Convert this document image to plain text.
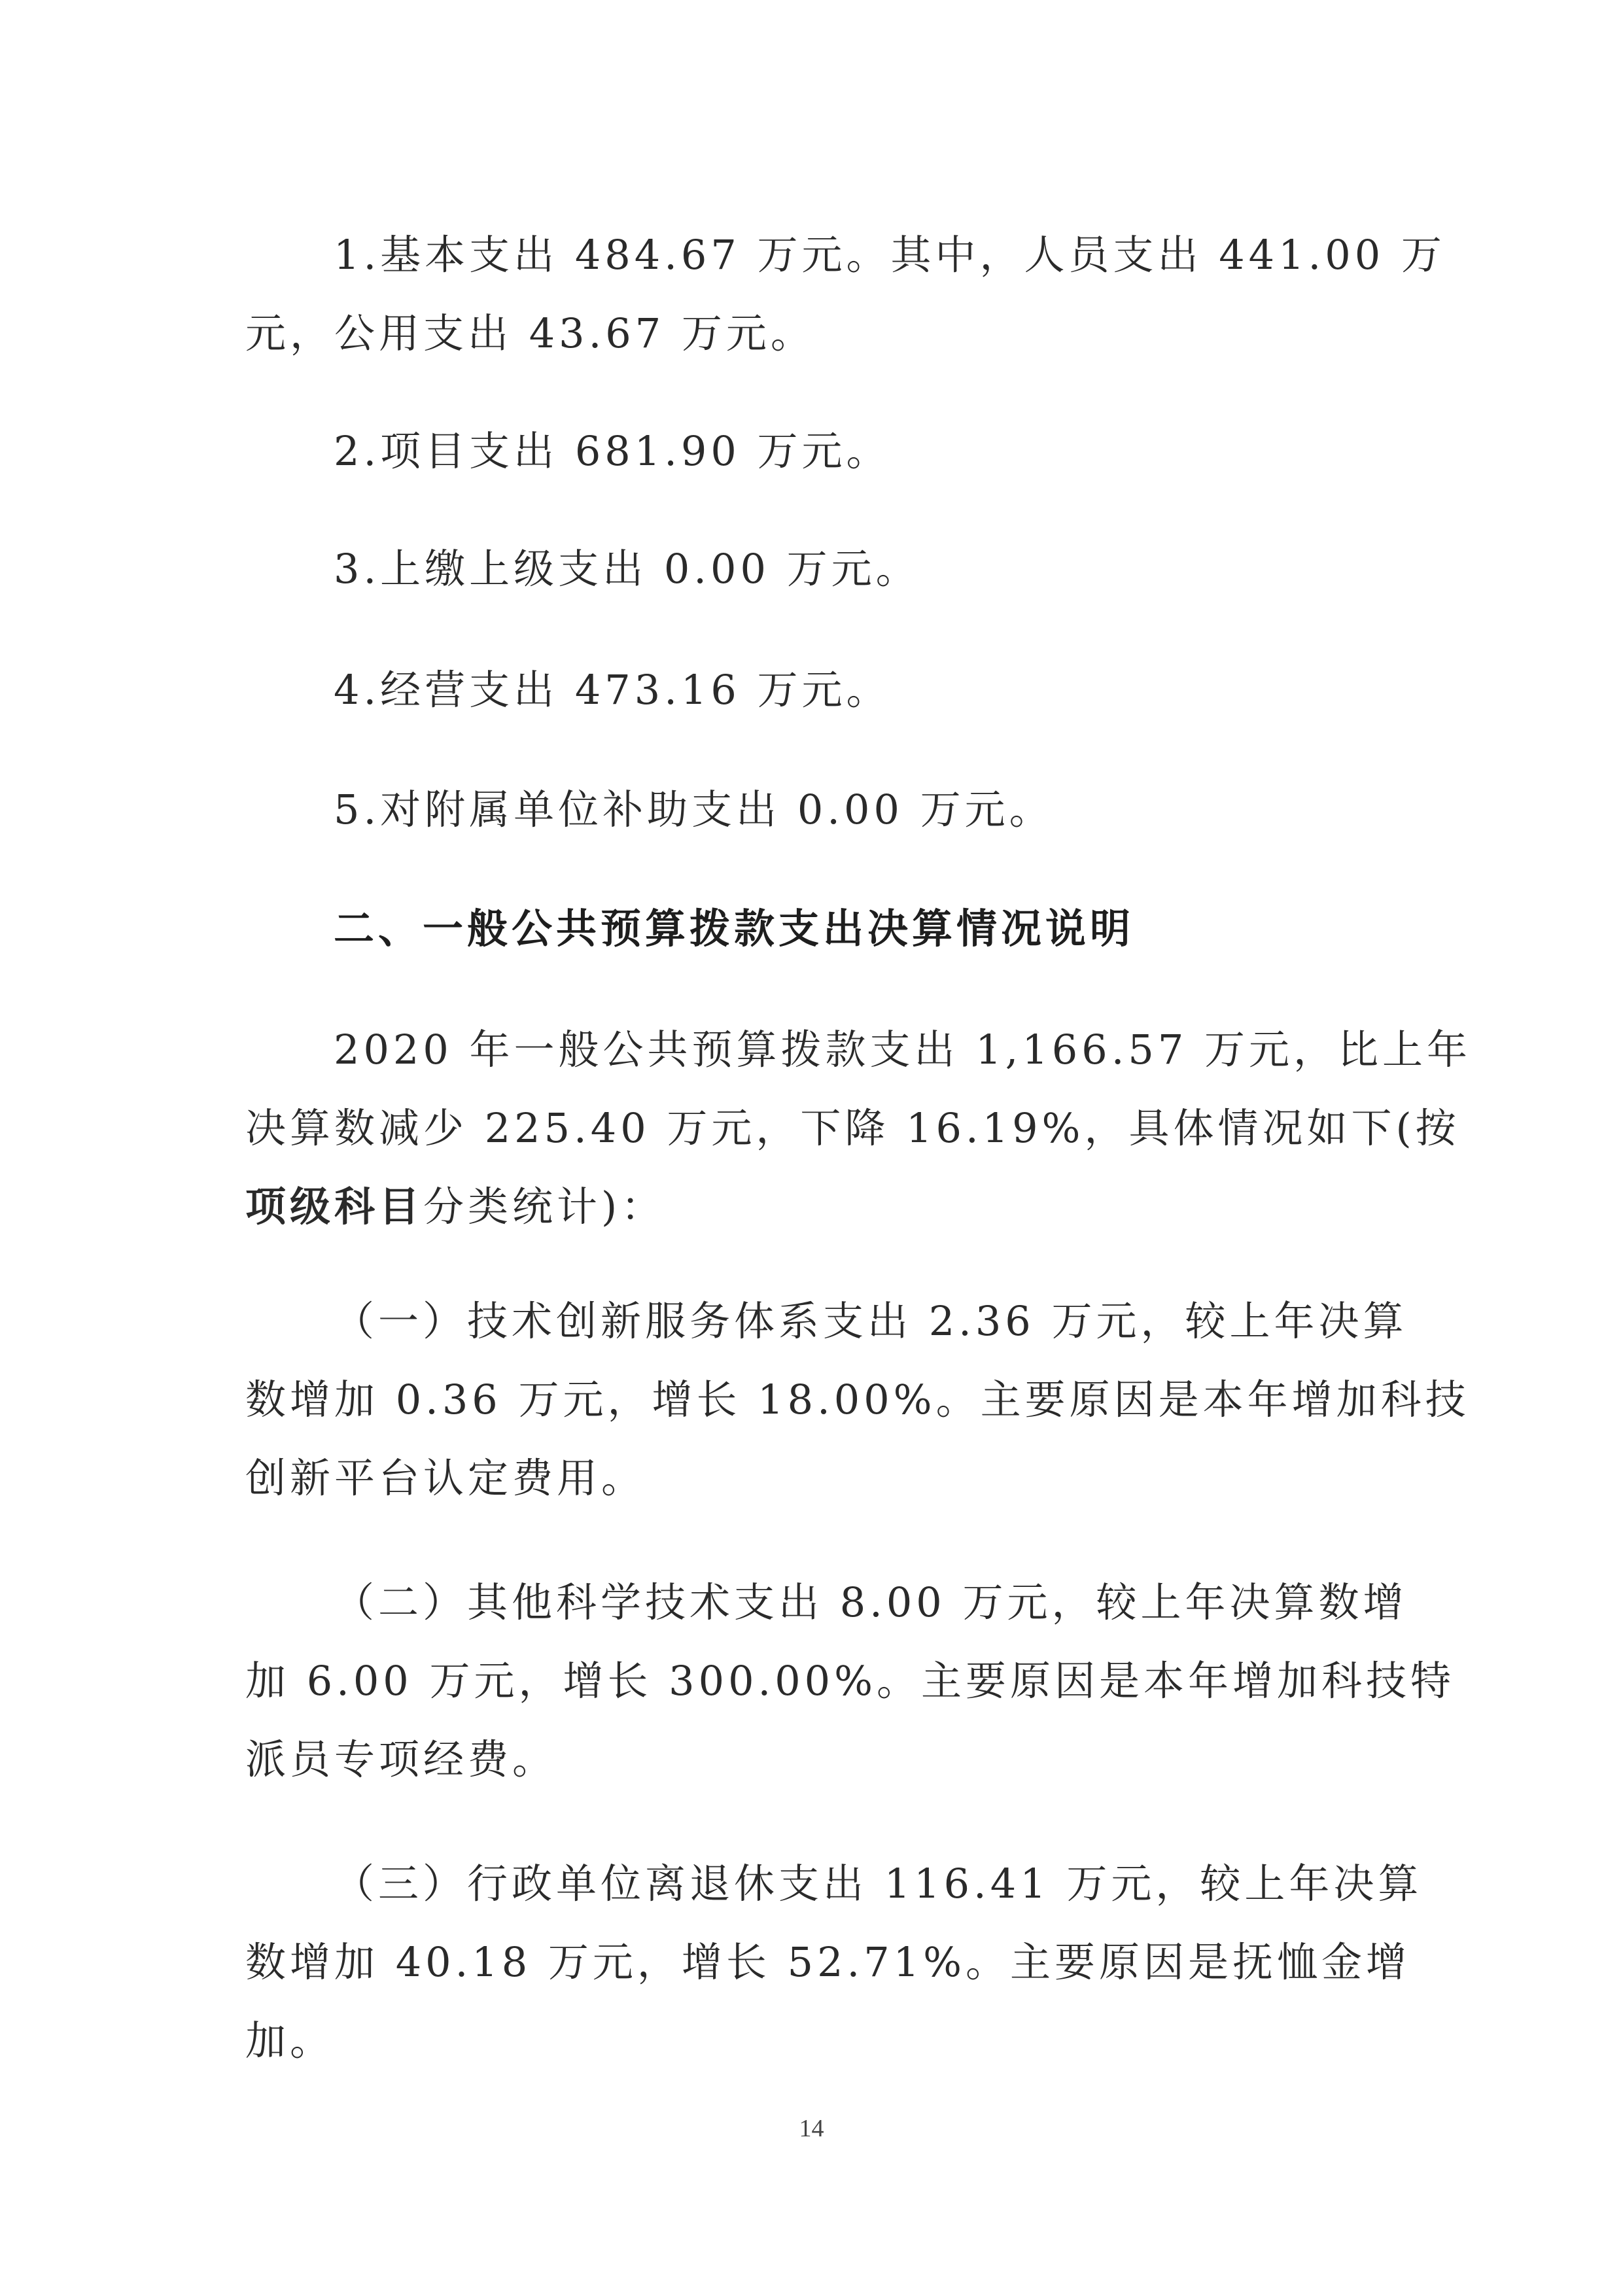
1.基本支出 484.67 万元。其中，人员支出 441.00 万
元，公用支出 43.67 万元。

2.项目支出 681.90 万元。

3.上缴上级支出 0.00 万元。

4.经营支出 473.16 万元。

5.对附属单位补助支出 0.00 万元。

二、一般公共预算拨款支出决算情况说明

2020 年一般公共预算拨款支出 1,166.57 万元，比上年
决算数减少 225.40 万元，下降 16.19%，具体情况如下(按
项级科目分类统计)：

（一）技术创新服务体系支出 2.36 万元，较上年决算
数增加 0.36 万元，增长 18.00%。主要原因是本年增加科技
创新平台认定费用。

（二）其他科学技术支出 8.00 万元，较上年决算数增
加 6.00 万元，增长 300.00%。主要原因是本年增加科技特
派员专项经费。

（三）行政单位离退休支出 116.41 万元，较上年决算
数增加 40.18 万元，增长 52.71%。主要原因是抚恤金增
加。

14
